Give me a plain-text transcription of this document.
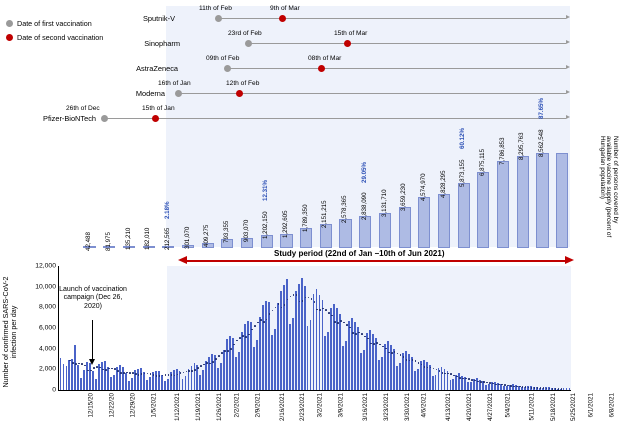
Date of first vaccination
Date of second vaccination
Sputnik-V
11th of Feb	9th of Mar
Sinopharm
23rd of Feb	15th of Mar
AstraZeneca
09th of Feb	08th of Mar
Moderna
16th of Jan	12th of Feb
Pfizer-BioNTech
26th of Dec	15th of Jan
42,488 81,975 135,210 182,010 212,565
2.18%
301,070 409,275 793,355 903,070 1,202,150
12.31%
1,292,605 1,789,350 2,151,215 2,578,365 2,838,090
29.05%
3,131,710 3,659,230 4,574,970 4,828,295 5,873,155
60.12%
6,875,115 7,786,853 8,295,763 8,562,548
87.65%
Number of persons covered by available vaccine supply (percent of Hungarian population)
Study period (22nd of Jan −10th of Jun 2021)
Number of confirmed SARS-CoV-2 infection per day
0
2,000
4,000
6,000
8,000
10,000
12,000
12/15/20 12/22/20 12/29/20 1/5/2021	1/12/2021 1/19/2021 1/26/2021 2/2/2021 2/9/2021	2/16/2021 2/23/2021 3/2/2021 3/9/2021	3/16/2021 3/23/2021 3/30/2021 4/6/2021	4/13/2021 4/20/2021 4/27/2021 5/4/2021	5/11/2021 5/18/2021 5/25/2021 6/1/2021 6/8/2021
Launch of vaccination campaign (Dec 26, 2020)
